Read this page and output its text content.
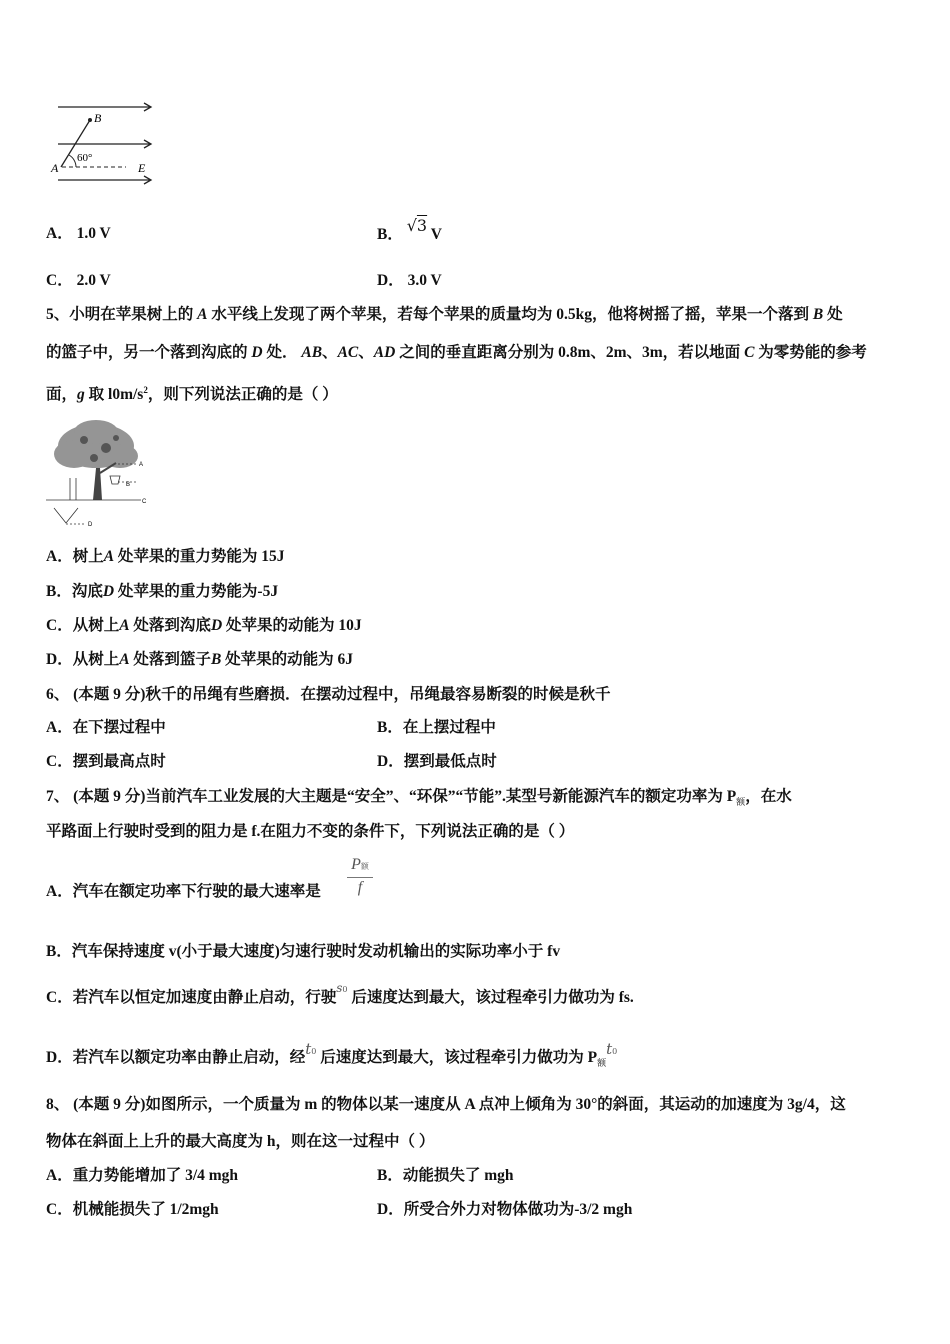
B
A	E
60°
A． 1.0 V	B． √3 V
C． 2.0 V	D． 3.0 V
5、小明在苹果树上的 A 水平线上发现了两个苹果，若每个苹果的质量均为 0.5kg，他将树摇了摇，苹果一个落到 B 处
的篮子中，另一个落到沟底的 D 处． AB、AC、AD 之间的垂直距离分别为 0.8m、2m、3m，若以地面 C 为零势能的参考
面，g 取 $l0m/s^2$，则下列说法正确的是（ ）
A
B
C
D
A．树上A 处苹果的重力势能为 15J
B．沟底D 处苹果的重力势能为-5J
C．从树上A 处落到沟底D 处苹果的动能为 10J
D．从树上A 处落到篮子B 处苹果的动能为 6J
6、 (本题 9 分)秋千的吊绳有些磨损．在摆动过程中，吊绳最容易断裂的时候是秋千
A．在下摆过程中	B．在上摆过程中
C．摆到最高点时	D．摆到最低点时
7、 (本题 9 分)当前汽车工业发展的大主题是“安全”、“环保”“节能”.某型号新能源汽车的额定功率为 $P_额$，在水
平路面上行驶时受到的阻力是 f.在阻力不变的条件下，下列说法正确的是（ ）
A．汽车在额定功率下行驶的最大速率是
P额
f
B．汽车保持速度 v(小于最大速度)匀速行驶时发动机输出的实际功率小于 fv
C．若汽车以恒定加速度由静止启动，行驶$^{s0}$ 后速度达到最大，该过程牵引力做功为 fs.
D．若汽车以额定功率由静止启动，经t0 后速度达到最大，该过程牵引力做功为 $P_额t0$
8、 (本题 9 分)如图所示，一个质量为 m 的物体以某一速度从 A 点冲上倾角为 30°的斜面，其运动的加速度为 3g/4，这
物体在斜面上上升的最大高度为 h，则在这一过程中（ ）
A．重力势能增加了 3/4 mgh	B．动能损失了 mgh
C．机械能损失了 1/2mgh	D．所受合外力对物体做功为-3/2 mgh
